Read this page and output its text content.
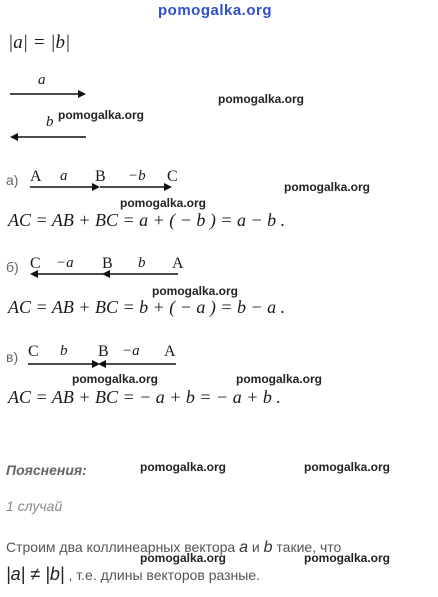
pomogalka.org
|a| = |b|
a
b pomogalka.org
pomogalka.org
а) A a B −b C
pomogalka.org
pomogalka.org
AC = AB + BC = a + ( − b ) = a − b .
б) C −a B b A
pomogalka.org
AC = AB + BC = b + ( − a ) = b − a .
в) C b B −a A
pomogalka.org	pomogalka.org
AC = AB + BC = − a + b = − a + b .
Пояснения:	pomogalka.org	pomogalka.org
1 случай
Строим два коллинеарных вектора a и b такие, что
|a| ≠ |b| , т.е. длины векторов разные.
pomogalka.org	pomogalka.org
